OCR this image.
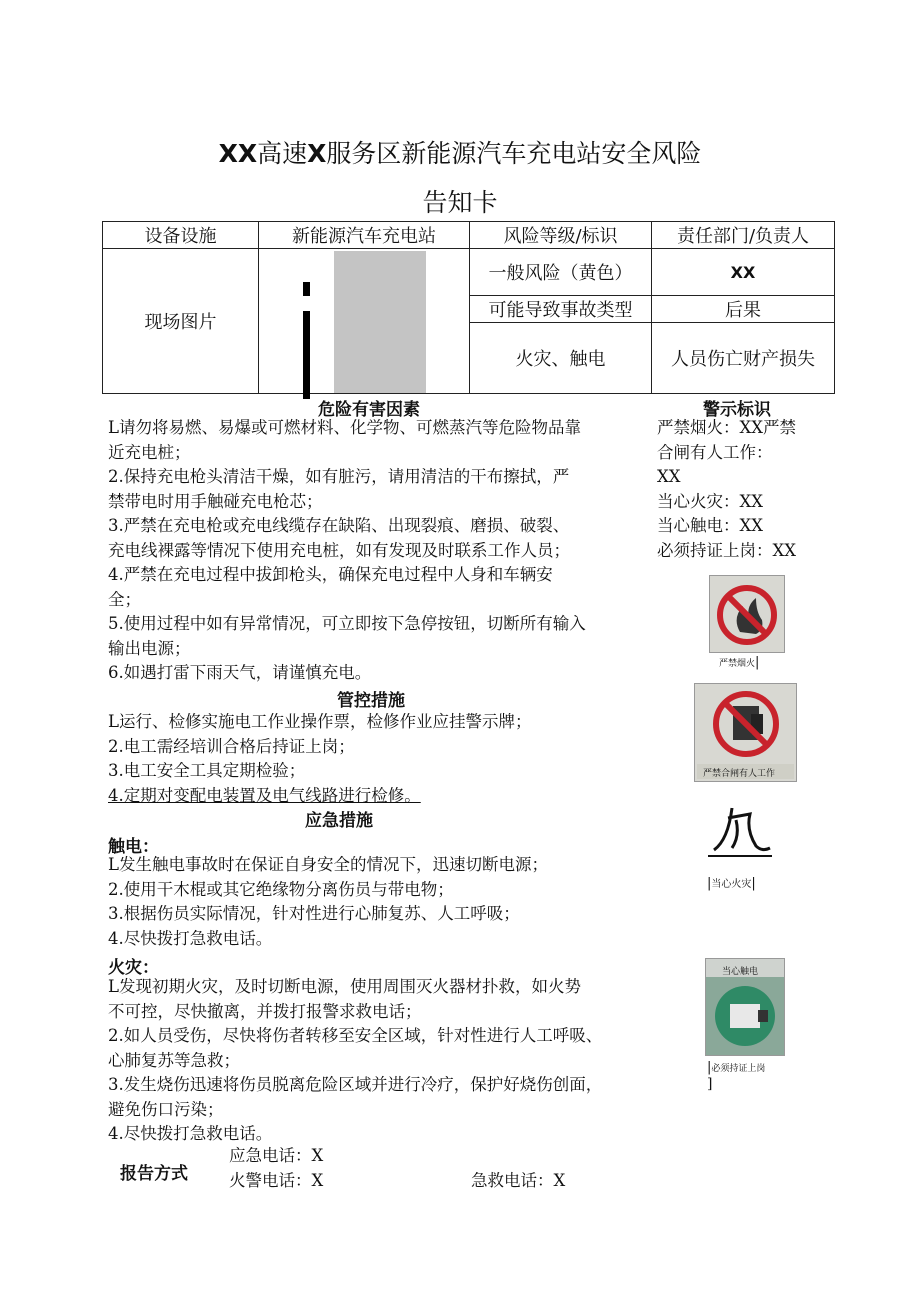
XX高速X服务区新能源汽车充电站安全风险
告知卡
设备设施	新能源汽车充电站	风险等级/标识	责任部门/负责人
现场图片		一般风险（黄色）	XX
		可能导致事故类型	后果
		火灾、触电	人员伤亡财产损失
危险有害因素	警示标识
L请勿将易燃、易爆或可燃材料、化学物、可燃蒸汽等危险物品靠
近充电桩；
2.保持充电枪头清洁干燥，如有脏污，请用清洁的干布擦拭，严
禁带电时用手触碰充电枪芯；
3.严禁在充电枪或充电线缆存在缺陷、出现裂痕、磨损、破裂、
充电线裸露等情况下使用充电桩，如有发现及时联系工作人员；
4.严禁在充电过程中拔卸枪头，确保充电过程中人身和车辆安
全；
5.使用过程中如有异常情况，可立即按下急停按钮，切断所有输入
输出电源；
6.如遇打雷下雨天气，请谨慎充电。
严禁烟火：XX严禁
合闸有人工作：
XX
当心火灾：XX
当心触电：XX
必须持证上岗：XX
严禁烟火|
严禁合闸有人工作
管控措施
L运行、检修实施电工作业操作票，检修作业应挂警示牌；
2.电工需经培训合格后持证上岗；
3.电工安全工具定期检验；
4.定期对变配电装置及电气线路进行检修。
|当心火灾|
应急措施
触电：
L发生触电事故时在保证自身安全的情况下，迅速切断电源；
2.使用干木棍或其它绝缘物分离伤员与带电物；
3.根据伤员实际情况，针对性进行心肺复苏、人工呼吸；
4.尽快拨打急救电话。
火灾：
L发现初期火灾，及时切断电源，使用周围灭火器材扑救，如火势
不可控，尽快撤离，并拨打报警求救电话；
2.如人员受伤，尽快将伤者转移至安全区域，针对性进行人工呼吸、
心肺复苏等急救；
3.发生烧伤迅速将伤员脱离危险区域并进行冷疗，保护好烧伤创面，
避免伤口污染；
4.尽快拨打急救电话。
当心触电
|必须持证上岗
]
报告方式
应急电话：X
火警电话：X	急救电话：X
